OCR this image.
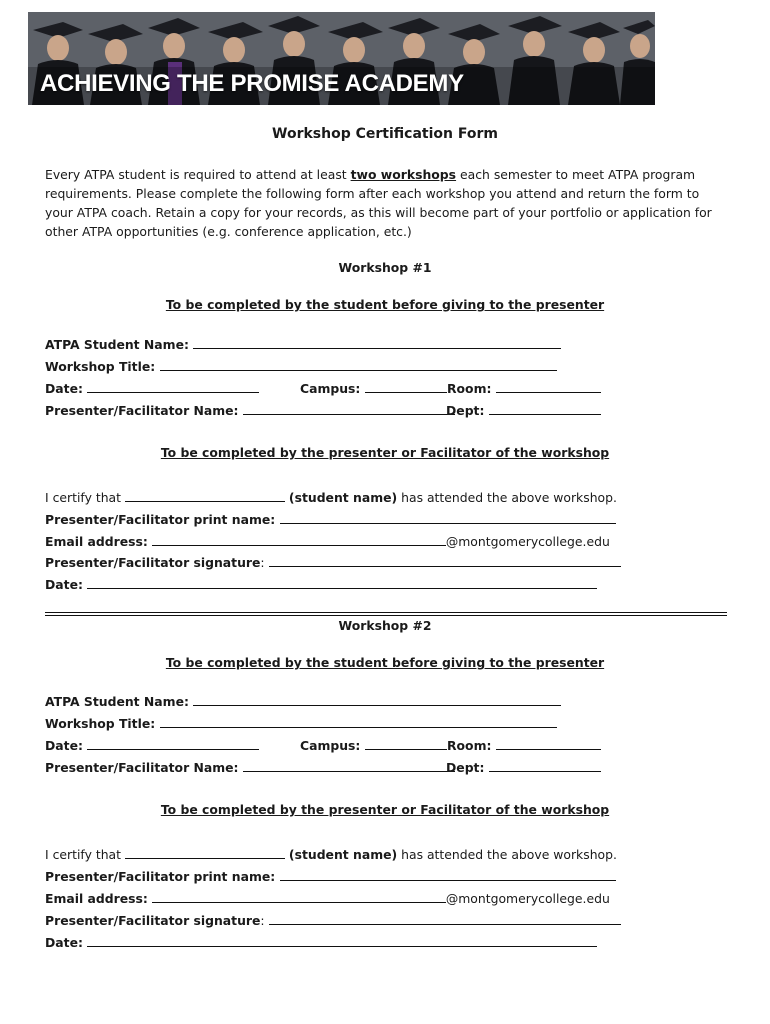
ACHIEVING THE PROMISE ACADEMY
Workshop Certification Form
Every ATPA student is required to attend at least two workshops each semester to meet ATPA program requirements. Please complete the following form after each workshop you attend and return the form to your ATPA coach. Retain a copy for your records, as this will become part of your portfolio or application for other ATPA opportunities (e.g. conference application, etc.)
Workshop #1
To be completed by the student before giving to the presenter
ATPA Student Name:
Workshop Title:
Date:	Campus:	Room:
Presenter/Facilitator Name:	Dept:
To be completed by the presenter or Facilitator of the workshop
I certify that	(student name) has attended the above workshop.
Presenter/Facilitator print name:
Email address:	@montgomerycollege.edu
Presenter/Facilitator signature:
Date:
Workshop #2
To be completed by the student before giving to the presenter
ATPA Student Name:
Workshop Title:
Date:	Campus:	Room:
Presenter/Facilitator Name:	Dept:
To be completed by the presenter or Facilitator of the workshop
I certify that	(student name) has attended the above workshop.
Presenter/Facilitator print name:
Email address:	@montgomerycollege.edu
Presenter/Facilitator signature:
Date:
